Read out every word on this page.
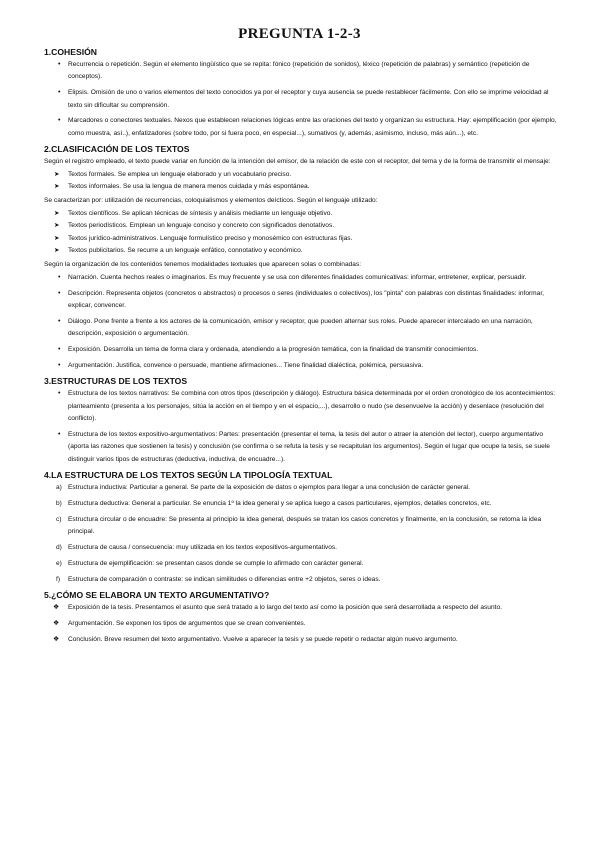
PREGUNTA 1-2-3
1.COHESIÓN
• Recurrencia o repetición. Según el elemento lingüístico que se repita: fónico (repetición de sonidos), léxico (repetición de palabras) y semántico (repetición de conceptos).
• Elipsis. Omisión de uno o varios elementos del texto conocidos ya por el receptor y cuya ausencia se puede restablecer fácilmente. Con ello se imprime velocidad al texto sin dificultar su comprensión.
• Marcadores o conectores textuales. Nexos que establecen relaciones lógicas entre las oraciones del texto y organizan su estructura. Hay: ejemplificación (por ejemplo, como muestra, así..), enfatizadores (sobre todo, por si fuera poco, en especial...), sumativos (y, además, asimismo, incluso, más aún...), etc.
2.CLASIFICACIÓN DE LOS TEXTOS
Según el registro empleado, el texto puede variar en función de la intención del emisor, de la relación de este con el receptor, del tema y de la forma de transmitir el mensaje:
➤ Textos formales. Se emplea un lenguaje elaborado y un vocabulario preciso.
➤ Textos informales. Se usa la lengua de manera menos cuidada y más espontánea.
Se caracterizan por: utilización de recurrencias, coloquialismos y elementos deícticos. Según el lenguaje utilizado:
➤ Textos científicos. Se aplican técnicas de síntesis y análisis mediante un lenguaje objetivo.
➤ Textos periodísticos. Emplean un lenguaje conciso y concreto con significados denotativos.
➤ Textos jurídico-administrativos. Lenguaje formulístico preciso y monosémico con estructuras fijas.
➤ Textos publicitarios. Se recurre a un lenguaje enfático, connotativo y económico.
Según la organización de los contenidos tenemos modalidades textuales que aparecen solas o combinadas:
• Narración. Cuenta hechos reales o imaginarios. Es muy frecuente y se usa con diferentes finalidades comunicativas: informar, entretener, explicar, persuadir.
• Descripción. Representa objetos (concretos o abstractos) o procesos o seres (individuales o colectivos), los "pinta" con palabras con distintas finalidades: informar, explicar, convencer.
• Diálogo. Pone frente a frente a los actores de la comunicación, emisor y receptor, que pueden alternar sus roles. Puede aparecer intercalado en una narración, descripción, exposición o argumentación.
• Exposición. Desarrolla un tema de forma clara y ordenada, atendiendo a la progresión temática, con la finalidad de transmitir conocimientos.
• Argumentación. Justifica, convence o persuade, mantiene afirmaciones... Tiene finalidad dialéctica, polémica, persuasiva.
3.ESTRUCTURAS DE LOS TEXTOS
• Estructura de los textos narrativos: Se combina con otros tipos (descripción y diálogo). Estructura básica determinada por el orden cronológico de los acontecimientos: planteamiento (presenta a los personajes, sitúa la acción en el tiempo y en el espacio,...), desarrollo o nudo (se desenvuelve la acción) y desenlace (resolución del conflicto).
• Estructura de los textos expositivo-argumentativos: Partes: presentación (presentar el tema, la tesis del autor o atraer la atención del lector), cuerpo argumentativo (aporta las razones que sostienen la tesis) y conclusión (se confirma o se refuta la tesis y se recapitulan los argumentos). Según el lugar que ocupe la tesis, se suele distinguir varios tipos de estructuras (deductiva, inductiva, de encuadre...).
4.LA ESTRUCTURA DE LOS TEXTOS SEGÚN LA TIPOLOGÍA TEXTUAL
a) Estructura inductiva: Particular a general. Se parte de la exposición de datos o ejemplos para llegar a una conclusión de carácter general.
b) Estructura deductiva: General a particular. Se enuncia 1º la idea general y se aplica luego a casos particulares, ejemplos, detalles concretos, etc.
c) Estructura circular o de encuadre: Se presenta al principio la idea general, después se tratan los casos concretos y finalmente, en la conclusión, se retoma la idea principal.
d) Estructura de causa / consecuencia: muy utilizada en los textos expositivos-argumentativos.
e) Estructura de ejemplificación: se presentan casos donde se cumple lo afirmado con carácter general.
f) Estructura de comparación o contraste: se indican similitudes o diferencias entre +2 objetos, seres o ideas.
5.¿CÓMO SE ELABORA UN TEXTO ARGUMENTATIVO?
❖ Exposición de la tesis. Presentamos el asunto que será tratado a lo largo del texto así como la posición que será desarrollada a respecto del asunto.
❖ Argumentación. Se exponen los tipos de argumentos que se crean convenientes.
❖ Conclusión. Breve resumen del texto argumentativo. Vuelve a aparecer la tesis y se puede repetir o redactar algún nuevo argumento.
